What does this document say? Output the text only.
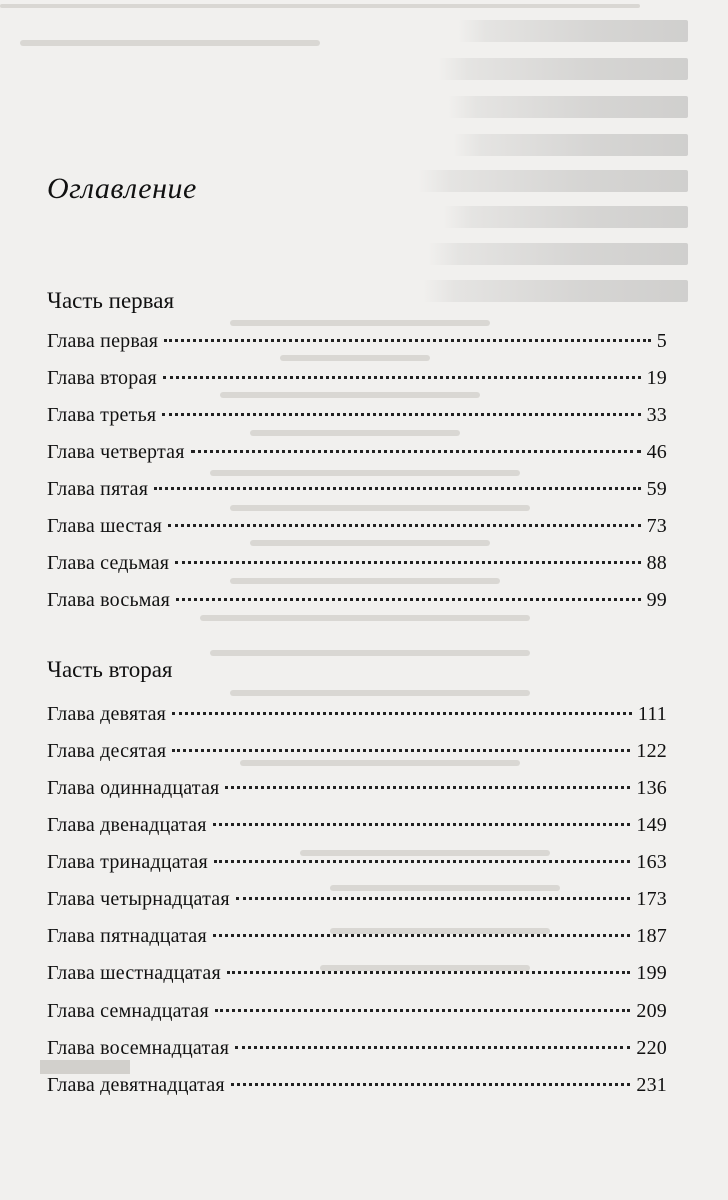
Оглавление
Часть первая
Глава первая	5
Глава вторая	19
Глава третья	33
Глава четвертая	46
Глава пятая	59
Глава шестая	73
Глава седьмая	88
Глава восьмая	99
Часть вторая
Глава девятая	111
Глава десятая	122
Глава одиннадцатая	136
Глава двенадцатая	149
Глава тринадцатая	163
Глава четырнадцатая	173
Глава пятнадцатая	187
Глава шестнадцатая	199
Глава семнадцатая	209
Глава восемнадцатая	220
Глава девятнадцатая	231
